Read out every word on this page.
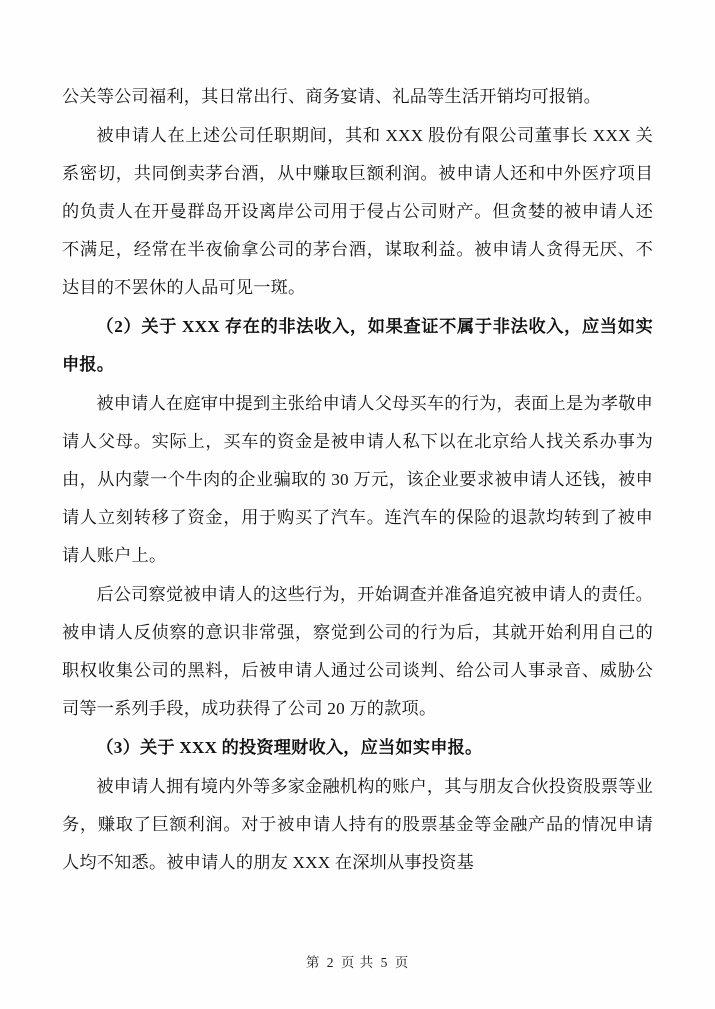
公关等公司福利，其日常出行、商务宴请、礼品等生活开销均可报销。

被申请人在上述公司任职期间，其和 XXX 股份有限公司董事长 XXX 关系密切，共同倒卖茅台酒，从中赚取巨额利润。被申请人还和中外医疗项目的负责人在开曼群岛开设离岸公司用于侵占公司财产。但贪婪的被申请人还不满足，经常在半夜偷拿公司的茅台酒，谋取利益。被申请人贪得无厌、不达目的不罢休的人品可见一斑。

（2）关于 XXX 存在的非法收入，如果查证不属于非法收入，应当如实申报。

被申请人在庭审中提到主张给申请人父母买车的行为，表面上是为孝敬申请人父母。实际上，买车的资金是被申请人私下以在北京给人找关系办事为由，从内蒙一个牛肉的企业骗取的 30 万元，该企业要求被申请人还钱，被申请人立刻转移了资金，用于购买了汽车。连汽车的保险的退款均转到了被申请人账户上。

后公司察觉被申请人的这些行为，开始调查并准备追究被申请人的责任。被申请人反侦察的意识非常强，察觉到公司的行为后，其就开始利用自己的职权收集公司的黑料，后被申请人通过公司谈判、给公司人事录音、威胁公司等一系列手段，成功获得了公司 20 万的款项。

（3）关于 XXX 的投资理财收入，应当如实申报。

被申请人拥有境内外等多家金融机构的账户，其与朋友合伙投资股票等业务，赚取了巨额利润。对于被申请人持有的股票基金等金融产品的情况申请人均不知悉。被申请人的朋友 XXX 在深圳从事投资基

第 2 页 共 5 页
